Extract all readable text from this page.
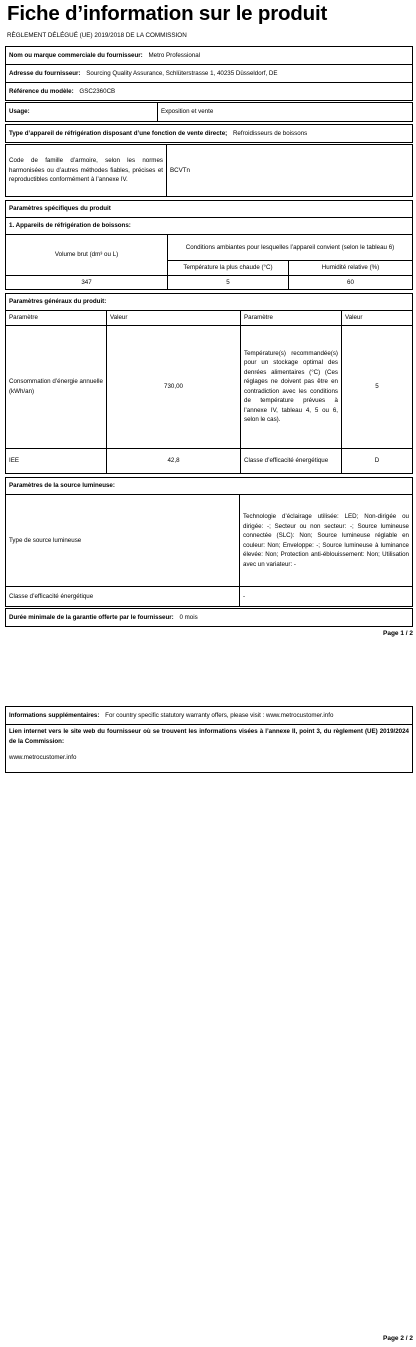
Fiche d’information sur le produit
RÈGLEMENT DÉLÉGUÉ (UE) 2019/2018 DE LA COMMISSION
Nom ou marque commerciale du fournisseur: Metro Professional
Adresse du fournisseur: Sourcing Quality Assurance, Schlüterstrasse 1, 40235 Düsseldorf, DE
Référence du modèle: GSC2360CB
Usage:	Exposition et vente
Type d’appareil de réfrigération disposant d’une fonction de vente directe; Refroidisseurs de boissons
Code de famille d’armoire, selon les normes harmonisées ou d’autres méthodes fiables, précises et reproductibles conformément à l’annexe IV.	BCVTn
Paramètres spécifiques du produit		
1. Appareils de réfrigération de boissons:		
Volume brut (dm³ ou L)	Conditions ambiantes pour lesquelles l’appareil convient (selon le tableau 6)	
	Température la plus chaude (°C)	Humidité relative (%)
347	5	60
Paramètres généraux du produit:			
Paramètre	Valeur	Paramètre	Valeur
Consommation d’énergie annuelle (kWh/an)	730,00	Température(s) recommandée(s) pour un stockage optimal des denrées alimentaires (°C) (Ces réglages ne doivent pas être en contradiction avec les conditions de température prévues à l’annexe IV, tableau 4, 5 ou 6, selon le cas).	5
IEE	42,8	Classe d’efficacité énergétique	D
Paramètres de la source lumineuse:	
Type de source lumineuse	Technologie d’éclairage utilisée: LED; Non-dirigée ou dirigée: -; Secteur ou non secteur: -; Source lumineuse connectée (SLC): Non; Source lumineuse réglable en couleur: Non; Enveloppe: -; Source lumineuse à luminance élevée: Non; Protection anti-éblouissement: Non; Utilisation avec un variateur: -
Classe d’efficacité énergétique	-
Durée minimale de la garantie offerte par le fournisseur: 0 mois
Page 1 / 2
Informations supplémentaires: For country specific statutory warranty offers, please visit : www.metrocustomer.info

Lien internet vers le site web du fournisseur où se trouvent les informations visées à l’annexe II, point 3, du règlement (UE) 2019/2024 de la Commission:
www.metrocustomer.info
Page 2 / 2
